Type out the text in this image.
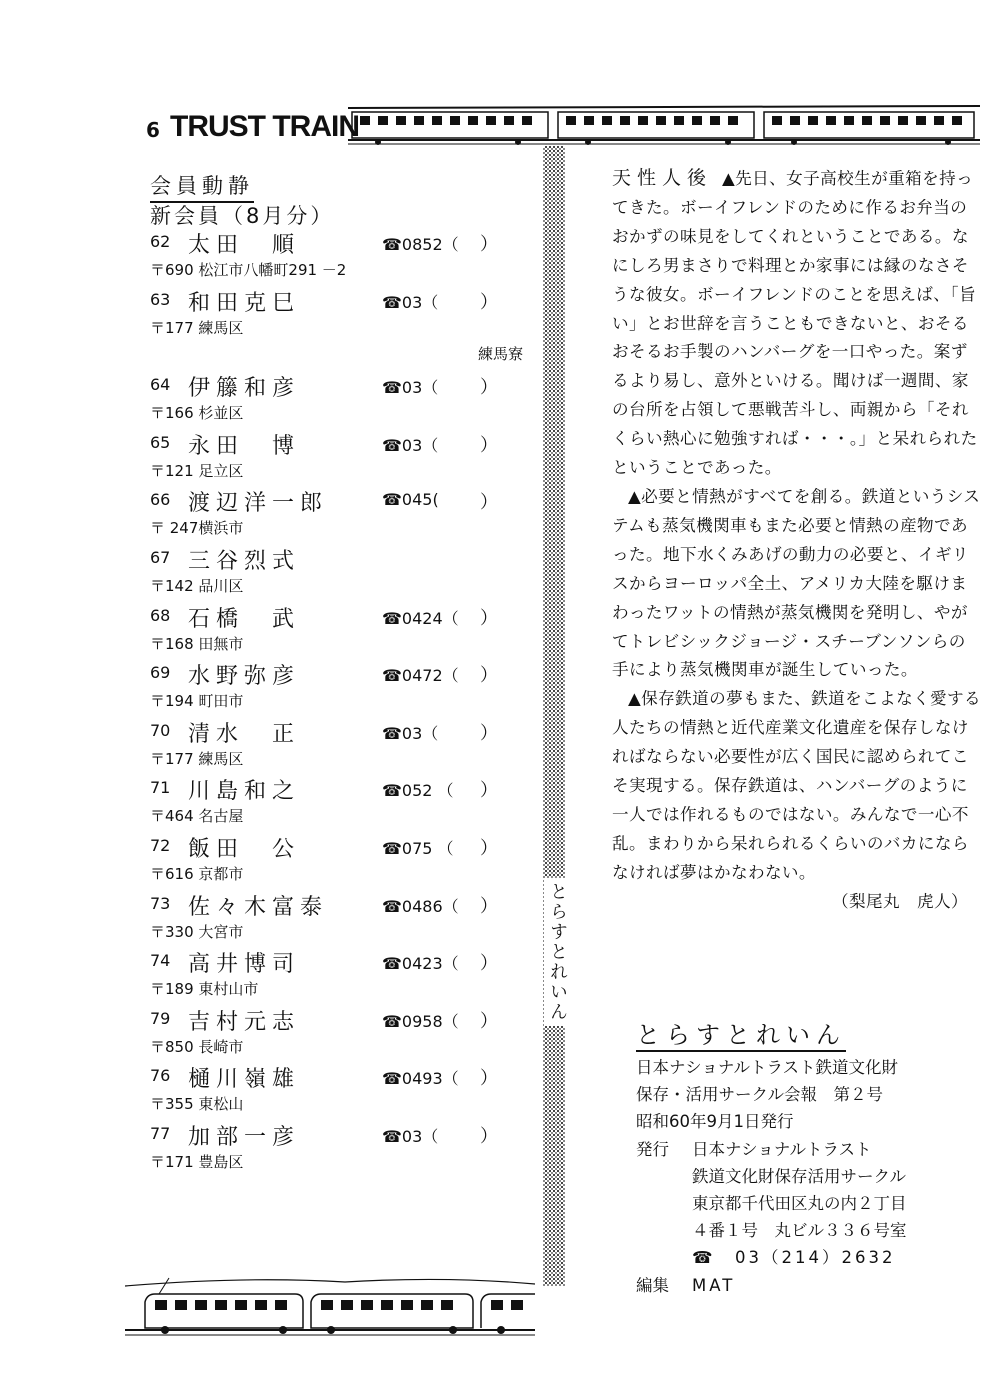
6 TRUST TRAIN
とらすとれいん
会員動静
新会員（8月分）
練馬寮
62 太田　順	☎0852（ ）
〒690 松江市八幡町291 －2
63 和田克巳	☎03（ ）
〒177 練馬区
64 伊籐和彦	☎03（ ）
〒166 杉並区
65 永田　博	☎03（ ）
〒121 足立区
66 渡辺洋一郎	☎045( ）
〒 247横浜市
67 三谷烈式
〒142 品川区
68 石橋　武	☎0424（ ）
〒168 田無市
69 水野弥彦	☎0472（ ）
〒194 町田市
70 清水　正	☎03（ ）
〒177 練馬区
71 川島和之	☎052 （ ）
〒464 名古屋
72 飯田　公	☎075 （ ）
〒616 京都市
73 佐々木富泰	☎0486（ ）
〒330 大宮市
74 高井博司	☎0423（ ）
〒189 東村山市
79 吉村元志	☎0958（ ）
〒850 長崎市
76 樋川嶺雄	☎0493（ ）
〒355 東松山
77 加部一彦	☎03（ ）
〒171 豊島区

天性人後 ▲先日、女子高校生が重箱を持ってきた。ボーイフレンドのために作るお弁当のおかずの味見をしてくれということである。なにしろ男まさりで料理とか家事には縁のなさそうな彼女。ボーイフレンドのことを思えば、「旨い」とお世辞を言うこともできないと、おそるおそるお手製のハンバーグを一口やった。案ずるより易し、意外といける。聞けば一週間、家の台所を占領して悪戦苦斗し、両親から「それくらい熱心に勉強すれば・・・。」と呆れられたということであった。

▲必要と情熱がすべてを創る。鉄道というシステムも蒸気機関車もまた必要と情熱の産物であった。地下水くみあげの動力の必要と、イギリスからヨーロッパ全土、アメリカ大陸を駆けまわったワットの情熱が蒸気機関を発明し、やがてトレビシックジョージ・スチーブンソンらの手により蒸気機関車が誕生していった。

▲保存鉄道の夢もまた、鉄道をこよなく愛する人たちの情熱と近代産業文化遺産を保存しなければならない必要性が広く国民に認められてこそ実現する。保存鉄道は、ハンバーグのように一人では作れるものではない。みんなで一心不乱。まわりから呆れられるくらいのバカにならなければ夢はかなわない。

（梨尾丸　虎人）

とらすとれいん
日本ナショナルトラスト鉄道文化財
保存・活用サークル会報　第２号
昭和60年9月1日発行
発行 日本ナショナルトラスト
鉄道文化財保存活用サークル
東京都千代田区丸の内２丁目
４番１号　丸ビル３３６号室
☎　03（214）2632
編集 MAT
